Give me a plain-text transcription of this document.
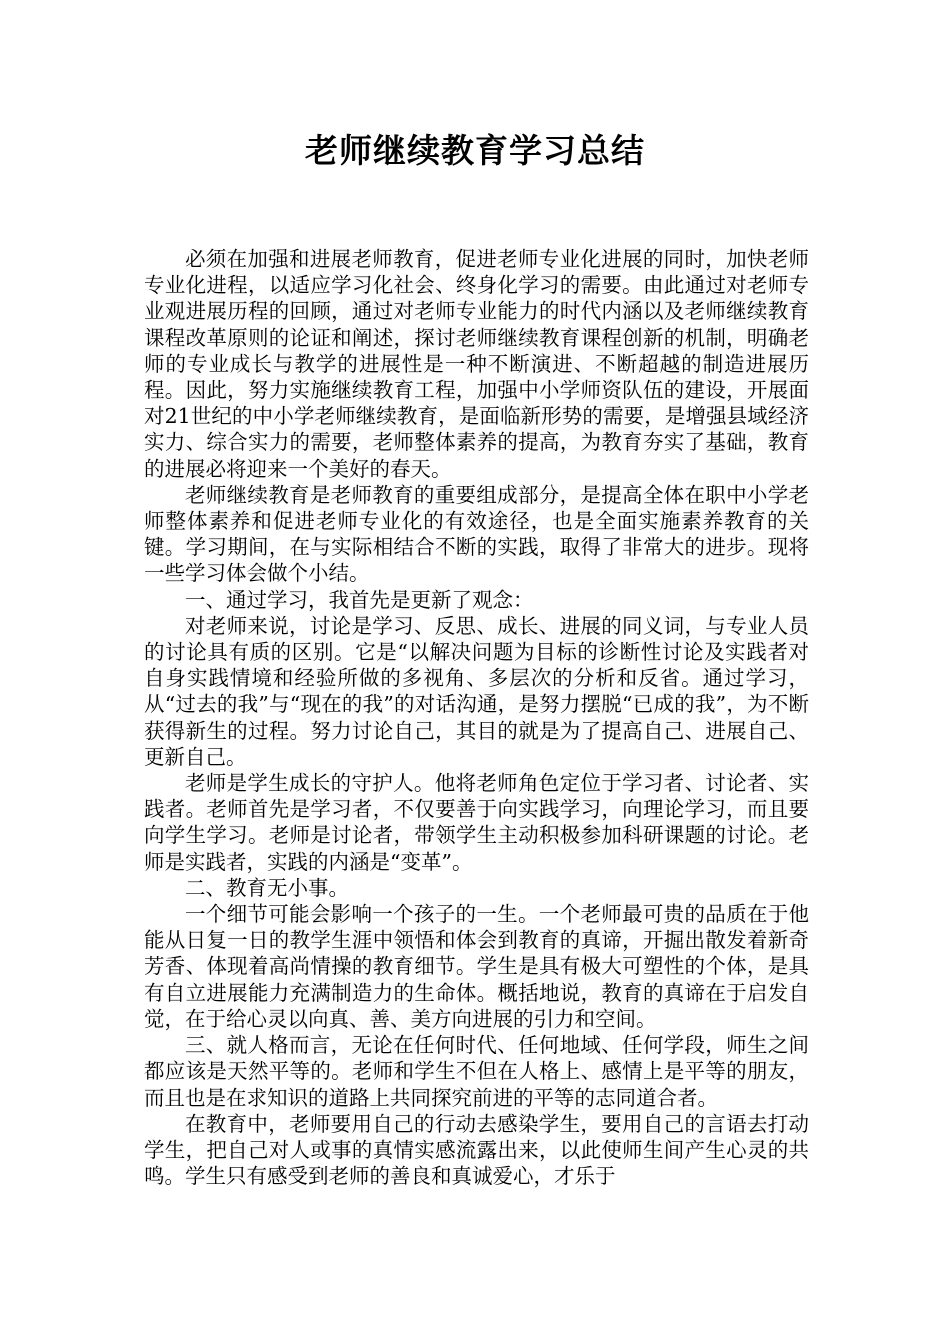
老师继续教育学习总结

必须在加强和进展老师教育，促进老师专业化进展的同时，加快老师专业化进程，以适应学习化社会、终身化学习的需要。由此通过对老师专业观进展历程的回顾，通过对老师专业能力的时代内涵以及老师继续教育课程改革原则的论证和阐述，探讨老师继续教育课程创新的机制，明确老师的专业成长与教学的进展性是一种不断演进、不断超越的制造进展历程。因此，努力实施继续教育工程，加强中小学师资队伍的建设，开展面对21世纪的中小学老师继续教育，是面临新形势的需要，是增强县域经济实力、综合实力的需要，老师整体素养的提高，为教育夯实了基础，教育的进展必将迎来一个美好的春天。

老师继续教育是老师教育的重要组成部分，是提高全体在职中小学老师整体素养和促进老师专业化的有效途径，也是全面实施素养教育的关键。学习期间，在与实际相结合不断的实践，取得了非常大的进步。现将一些学习体会做个小结。

一、通过学习，我首先是更新了观念：

对老师来说，讨论是学习、反思、成长、进展的同义词，与专业人员的讨论具有质的区别。它是“以解决问题为目标的诊断性讨论及实践者对自身实践情境和经验所做的多视角、多层次的分析和反省。通过学习，从“过去的我”与“现在的我”的对话沟通，是努力摆脱“已成的我”，为不断获得新生的过程。努力讨论自己，其目的就是为了提高自己、进展自己、更新自己。

老师是学生成长的守护人。他将老师角色定位于学习者、讨论者、实践者。老师首先是学习者，不仅要善于向实践学习，向理论学习，而且要向学生学习。老师是讨论者，带领学生主动积极参加科研课题的讨论。老师是实践者，实践的内涵是“变革”。

二、教育无小事。

一个细节可能会影响一个孩子的一生。一个老师最可贵的品质在于他能从日复一日的教学生涯中领悟和体会到教育的真谛，开掘出散发着新奇芳香、体现着高尚情操的教育细节。学生是具有极大可塑性的个体，是具有自立进展能力充满制造力的生命体。概括地说，教育的真谛在于启发自觉，在于给心灵以向真、善、美方向进展的引力和空间。

三、就人格而言，无论在任何时代、任何地域、任何学段，师生之间都应该是天然平等的。老师和学生不但在人格上、感情上是平等的朋友，而且也是在求知识的道路上共同探究前进的平等的志同道合者。

在教育中，老师要用自己的行动去感染学生，要用自己的言语去打动学生，把自己对人或事的真情实感流露出来，以此使师生间产生心灵的共鸣。学生只有感受到老师的善良和真诚爱心，才乐于
